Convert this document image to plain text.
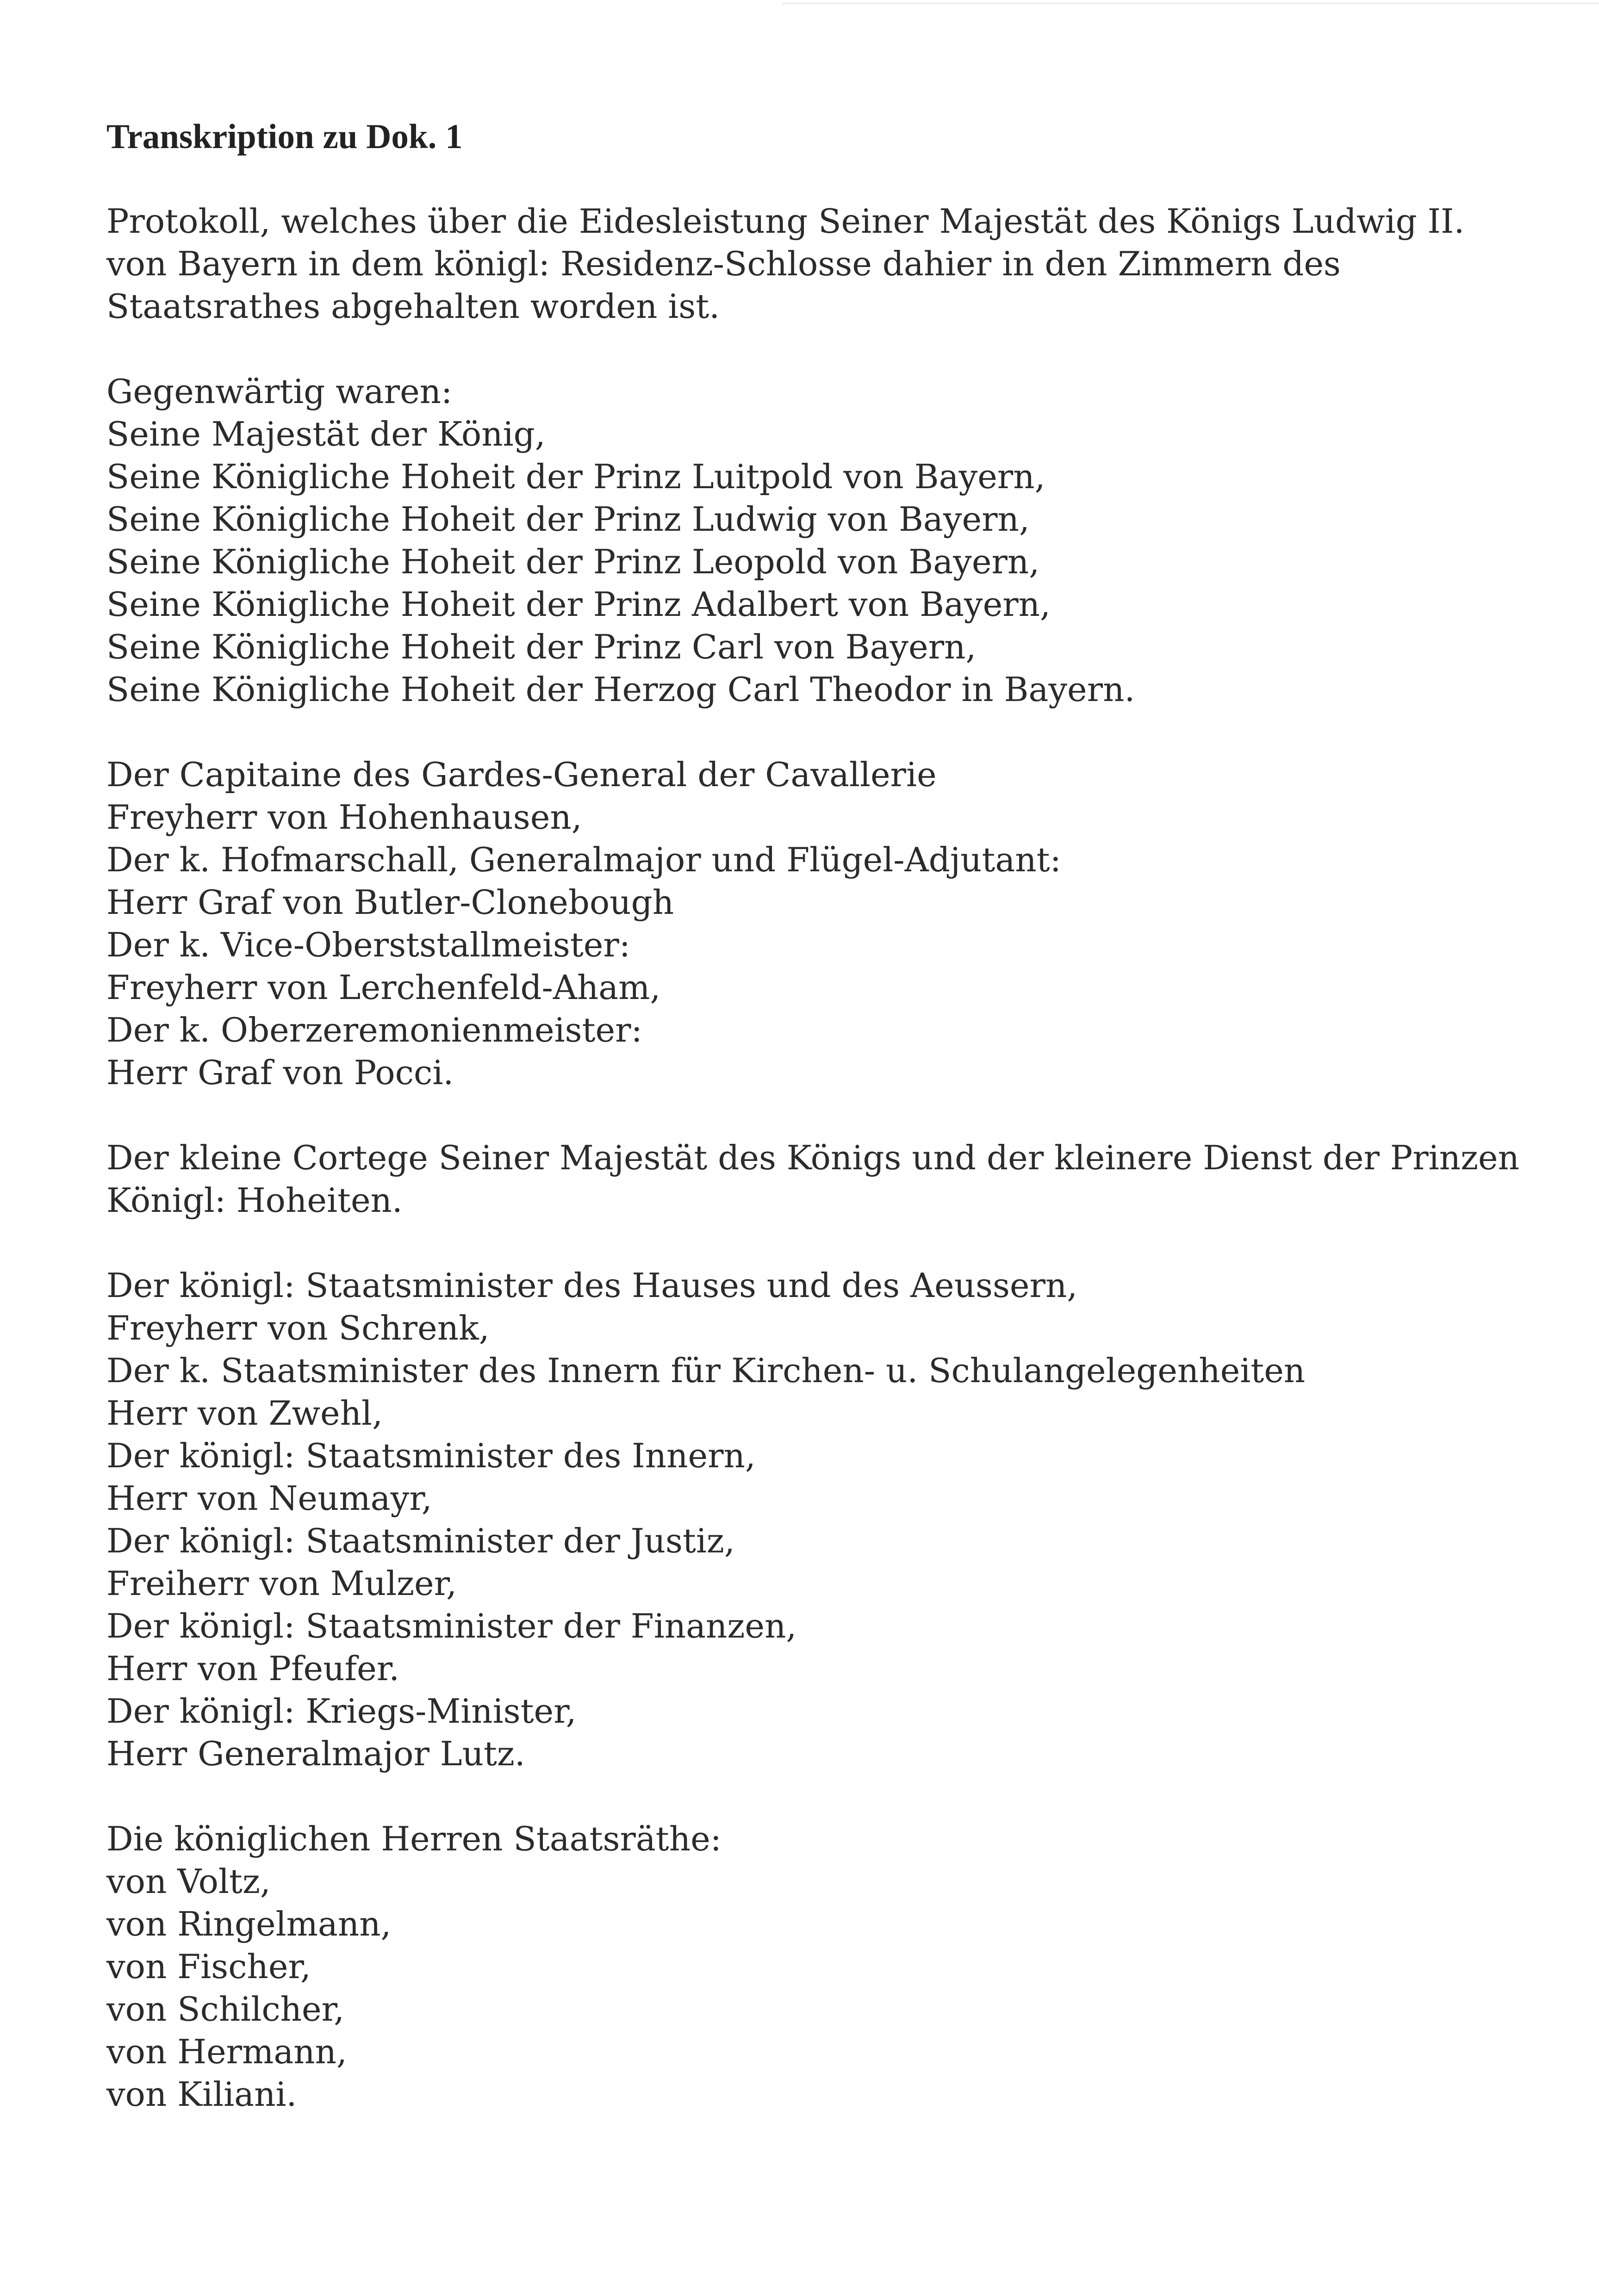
Transkription zu Dok. 1
Protokoll, welches über die Eidesleistung Seiner Majestät des Königs Ludwig II.
von Bayern in dem königl: Residenz-Schlosse dahier in den Zimmern des
Staatsrathes abgehalten worden ist.
Gegenwärtig waren:
Seine Majestät der König,
Seine Königliche Hoheit der Prinz Luitpold von Bayern,
Seine Königliche Hoheit der Prinz Ludwig von Bayern,
Seine Königliche Hoheit der Prinz Leopold von Bayern,
Seine Königliche Hoheit der Prinz Adalbert von Bayern,
Seine Königliche Hoheit der Prinz Carl von Bayern,
Seine Königliche Hoheit der Herzog Carl Theodor in Bayern.
Der Capitaine des Gardes-General der Cavallerie
Freyherr von Hohenhausen,
Der k. Hofmarschall, Generalmajor und Flügel-Adjutant:
Herr Graf von Butler-Clonebough
Der k. Vice-Oberststallmeister:
Freyherr von Lerchenfeld-Aham,
Der k. Oberzeremonienmeister:
Herr Graf von Pocci.
Der kleine Cortege Seiner Majestät des Königs und der kleinere Dienst der Prinzen
Königl: Hoheiten.
Der königl: Staatsminister des Hauses und des Aeussern,
Freyherr von Schrenk,
Der k. Staatsminister des Innern für Kirchen- u. Schulangelegenheiten
Herr von Zwehl,
Der königl: Staatsminister des Innern,
Herr von Neumayr,
Der königl: Staatsminister der Justiz,
Freiherr von Mulzer,
Der königl: Staatsminister der Finanzen,
Herr von Pfeufer.
Der königl: Kriegs-Minister,
Herr Generalmajor Lutz.
Die königlichen Herren Staatsräthe:
von Voltz,
von Ringelmann,
von Fischer,
von Schilcher,
von Hermann,
von Kiliani.
